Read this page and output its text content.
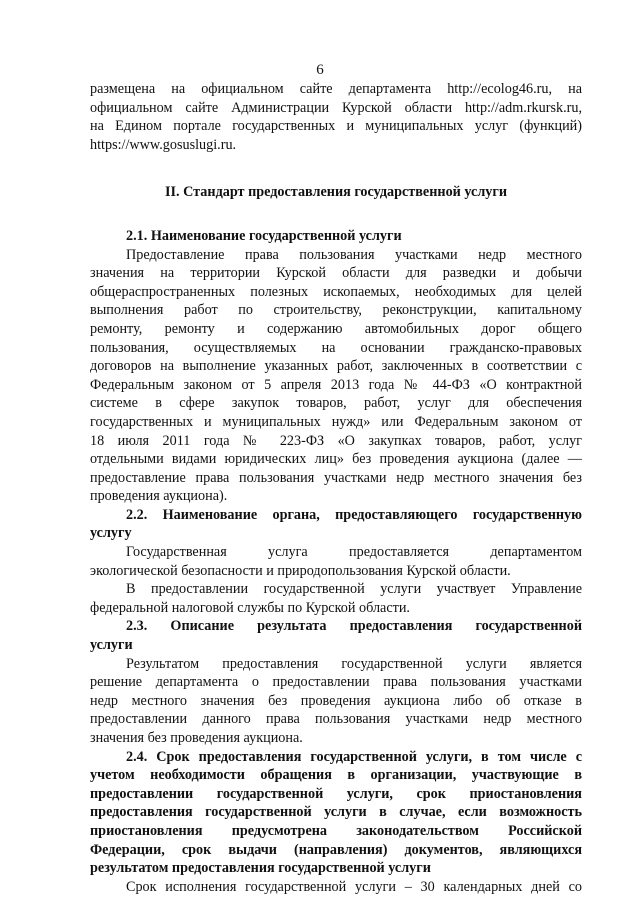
6

размещена на официальном сайте департамента http://ecolog46.ru, на

официальном сайте Администрации Курской области http://adm.rkursk.ru,

на Едином портале государственных и муниципальных услуг (функций)

https://www.gosuslugi.ru.

II. Стандарт предоставления государственной услуги

2.1. Наименование государственной услуги

Предоставление права пользования участками недр местного

значения на территории Курской области для разведки и добычи

общераспространенных полезных ископаемых, необходимых для целей

выполнения работ по строительству, реконструкции, капитальному

ремонту, ремонту и содержанию автомобильных дорог общего

пользования, осуществляемых на основании гражданско-правовых

договоров на выполнение указанных работ, заключенных в соответствии с

Федеральным законом от 5 апреля 2013 года № 44-ФЗ «О контрактной

системе в сфере закупок товаров, работ, услуг для обеспечения

государственных и муниципальных нужд» или Федеральным законом от

18 июля 2011 года № 223-ФЗ «О закупках товаров, работ, услуг

отдельными видами юридических лиц» без проведения аукциона (далее —

предоставление права пользования участками недр местного значения без

проведения аукциона).

2.2. Наименование органа, предоставляющего государственную

услугу

Государственная услуга предоставляется департаментом

экологической безопасности и природопользования Курской области.

В предоставлении государственной услуги участвует Управление

федеральной налоговой службы по Курской области.

2.3. Описание результата предоставления государственной

услуги

Результатом предоставления государственной услуги является

решение департамента о предоставлении права пользования участками

недр местного значения без проведения аукциона либо об отказе в

предоставлении данного права пользования участками недр местного

значения без проведения аукциона.

2.4. Срок предоставления государственной услуги, в том числе с

учетом необходимости обращения в организации, участвующие в

предоставлении государственной услуги, срок приостановления

предоставления государственной услуги в случае, если возможность

приостановления предусмотрена законодательством Российской

Федерации, срок выдачи (направления) документов, являющихся

результатом предоставления государственной услуги

Срок исполнения государственной услуги – 30 календарных дней со
